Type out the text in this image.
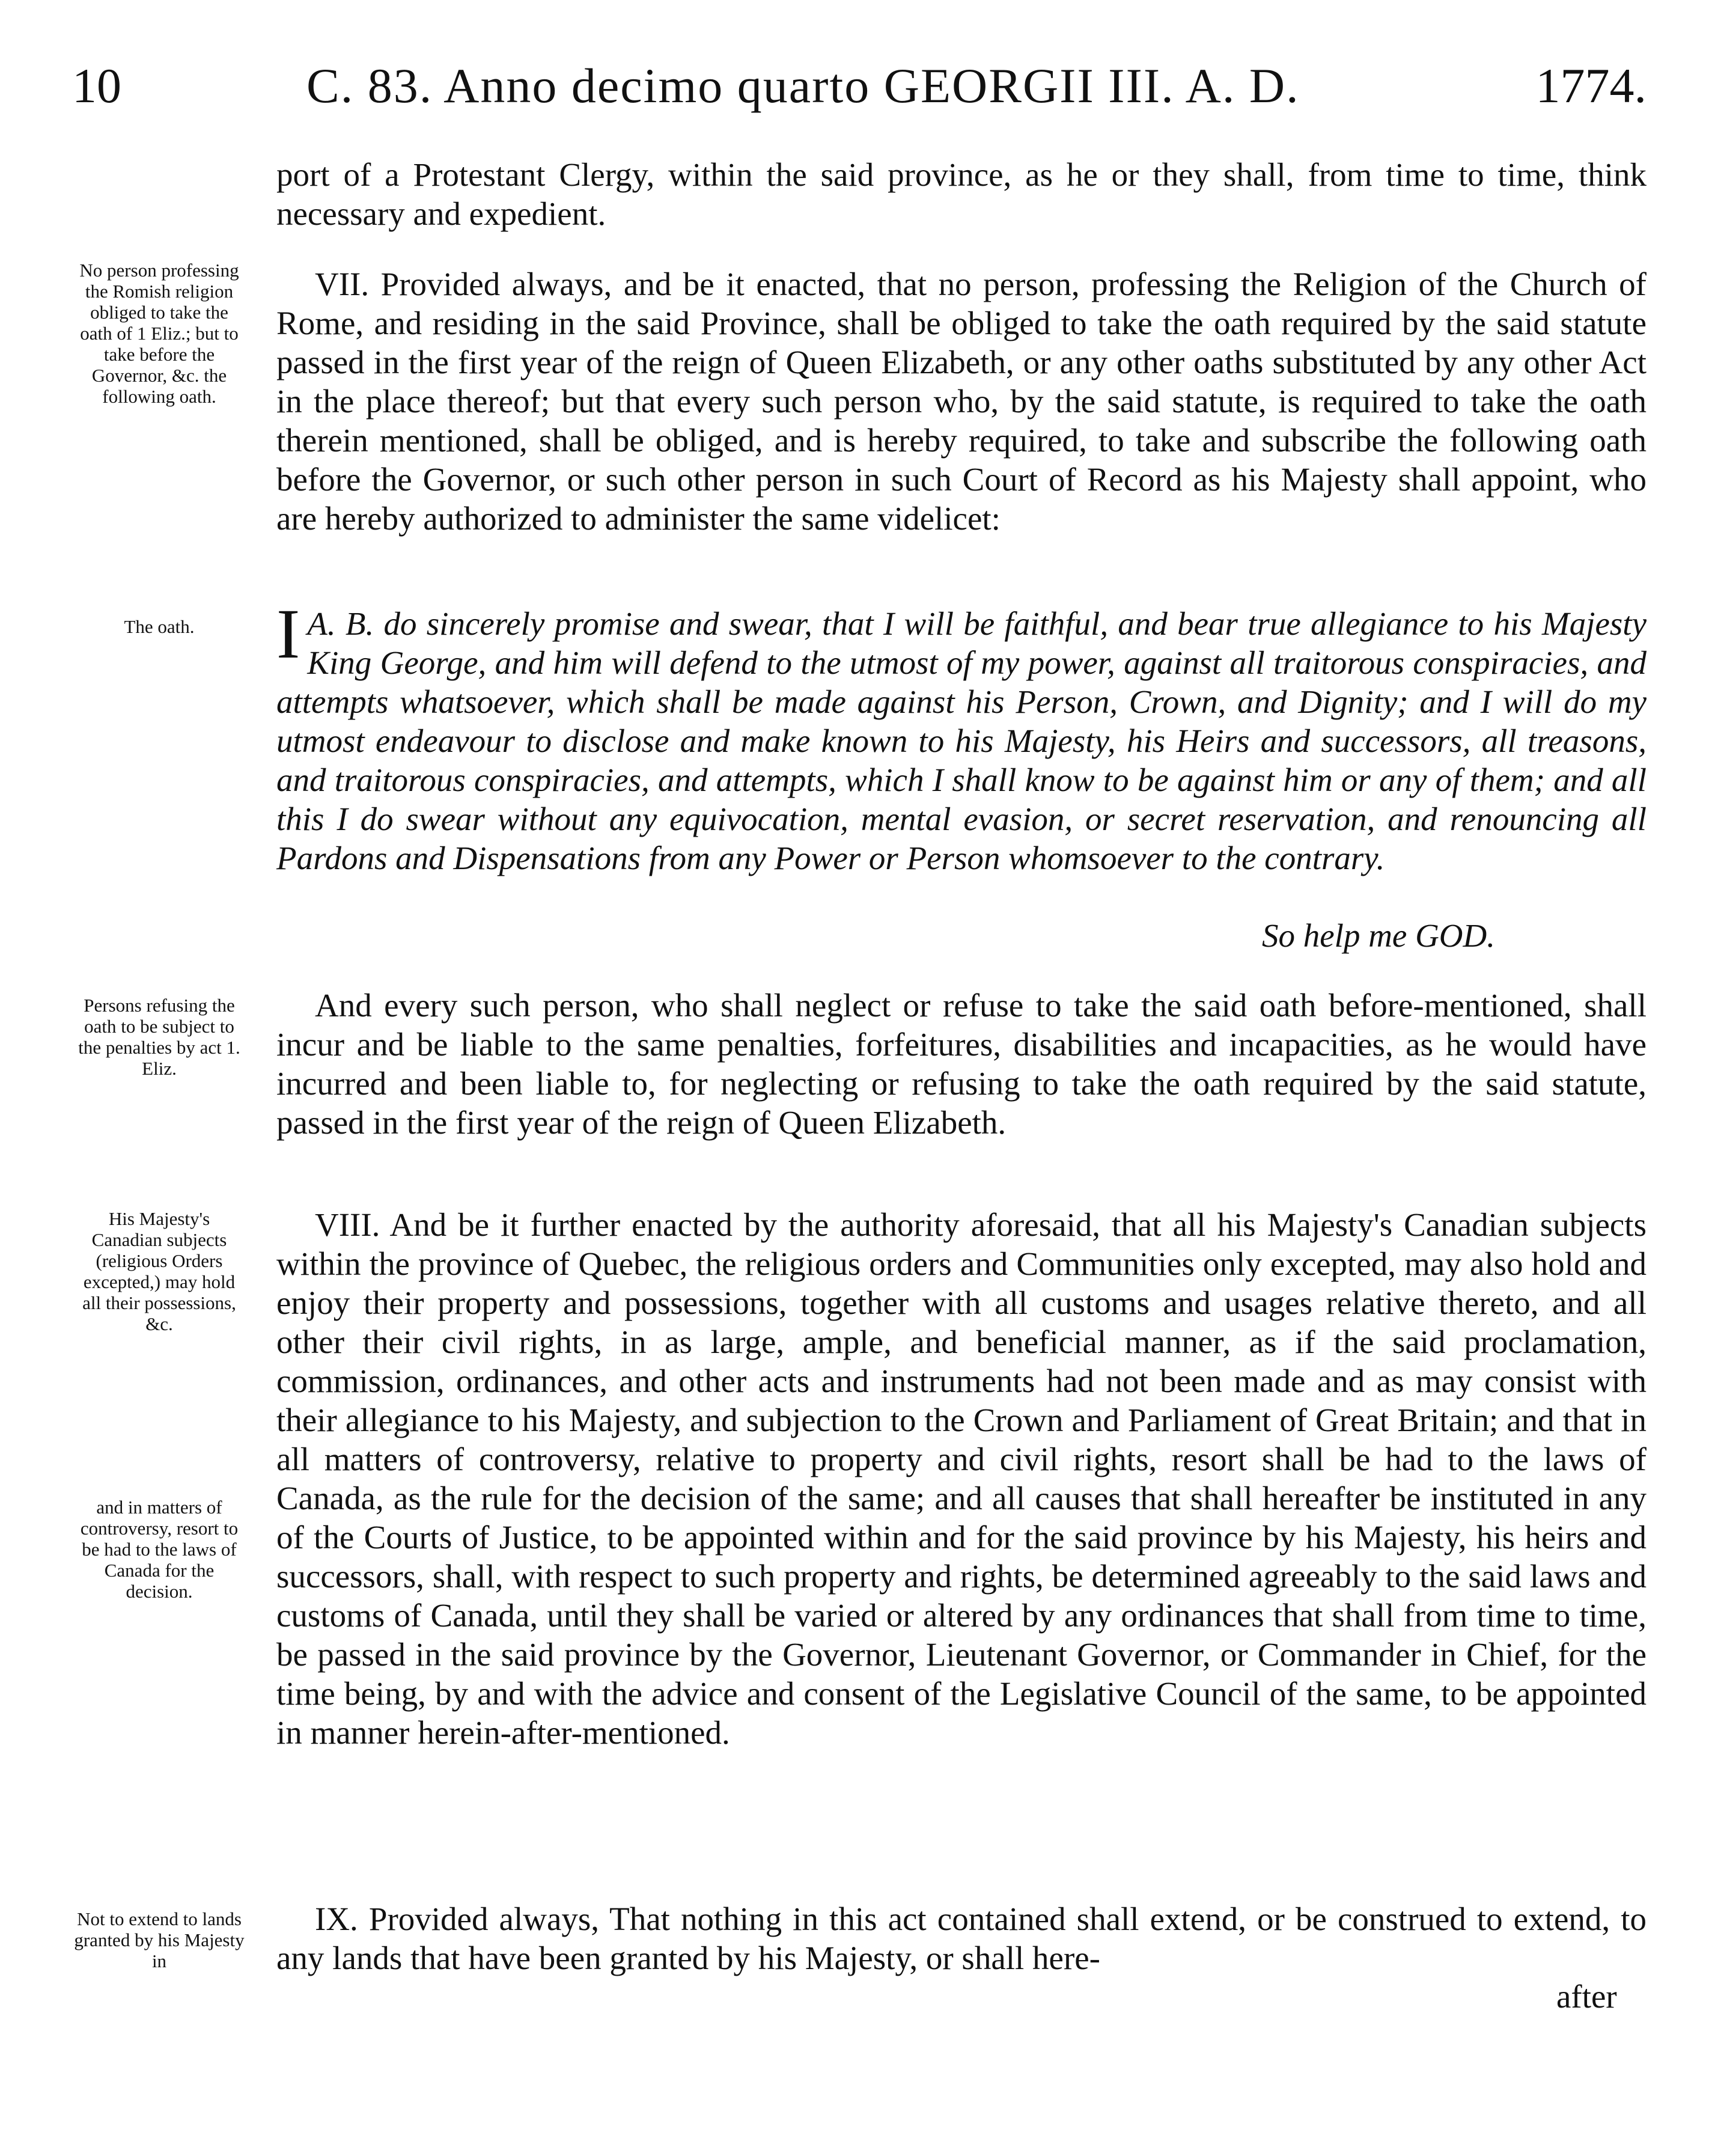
10	C. 83. Anno decimo quarto GEORGII III. A. D.	1774.
port of a Protestant Clergy, within the said province, as he or they shall, from time to time, think necessary and expedient.
No person professing the Romish religion obliged to take the oath of 1 Eliz.; but to take before the Governor, &c. the following oath.
VII. Provided always, and be it enacted, that no person, professing the Religion of the Church of Rome, and residing in the said Province, shall be obliged to take the oath required by the said statute passed in the first year of the reign of Queen Elizabeth, or any other oaths substituted by any other Act in the place thereof; but that every such person who, by the said statute, is required to take the oath therein mentioned, shall be obliged, and is hereby required, to take and subscribe the following oath before the Governor, or such other person in such Court of Record as his Majesty shall appoint, who are hereby authorized to administer the same videlicet:
The oath.	I A. B. do sincerely promise and swear, that I will be faithful, and bear true allegiance to his Majesty King George, and him will defend to the utmost of my power, against all traitorous conspiracies, and attempts whatsoever, which shall be made against his Person, Crown, and Dignity; and I will do my utmost endeavour to disclose and make known to his Majesty, his Heirs and successors, all treasons, and traitorous conspiracies, and attempts, which I shall know to be against him or any of them; and all this I do swear without any equivocation, mental evasion, or secret reservation, and renouncing all Pardons and Dispensations from any Power or Person whomsoever to the contrary.
So help me GOD.
Persons refusing the oath to be subject to the penalties by act 1. Eliz.
And every such person, who shall neglect or refuse to take the said oath before-mentioned, shall incur and be liable to the same penalties, forfeitures, disabilities and incapacities, as he would have incurred and been liable to, for neglecting or refusing to take the oath required by the said statute, passed in the first year of the reign of Queen Elizabeth.
His Majesty's Canadian subjects (religious Orders excepted,) may hold all their possessions, &c.
VIII. And be it further enacted by the authority aforesaid, that all his Majesty's Canadian subjects within the province of Quebec, the religious orders and Communities only excepted, may also hold and enjoy their property and possessions, together with all customs and usages relative thereto, and all other their civil rights, in as large, ample, and beneficial manner, as if the said proclamation, commission, ordinances, and other acts and instruments had not been made and as may consist with their allegiance to his Majesty, and subjection to the Crown and Parliament of Great Britain; and that in all matters of controversy, relative to property and civil rights, resort shall be had to the laws of Canada, as the rule for the decision of the same; and all causes that shall hereafter be instituted in any of the Courts of Justice, to be appointed within and for the said province by his Majesty, his heirs and successors, shall, with respect to such property and rights, be determined agreeably to the said laws and customs of Canada, until they shall be varied or altered by any ordinances that shall from time to time, be passed in the said province by the Governor, Lieutenant Governor, or Commander in Chief, for the time being, by and with the advice and consent of the Legislative Council of the same, to be appointed in manner herein-after-mentioned.
and in matters of controversy, resort to be had to the laws of Canada for the decision.
Not to extend to lands granted by his Majesty in
IX. Provided always, That nothing in this act contained shall extend, or be construed to extend, to any lands that have been granted by his Majesty, or shall here-
after
